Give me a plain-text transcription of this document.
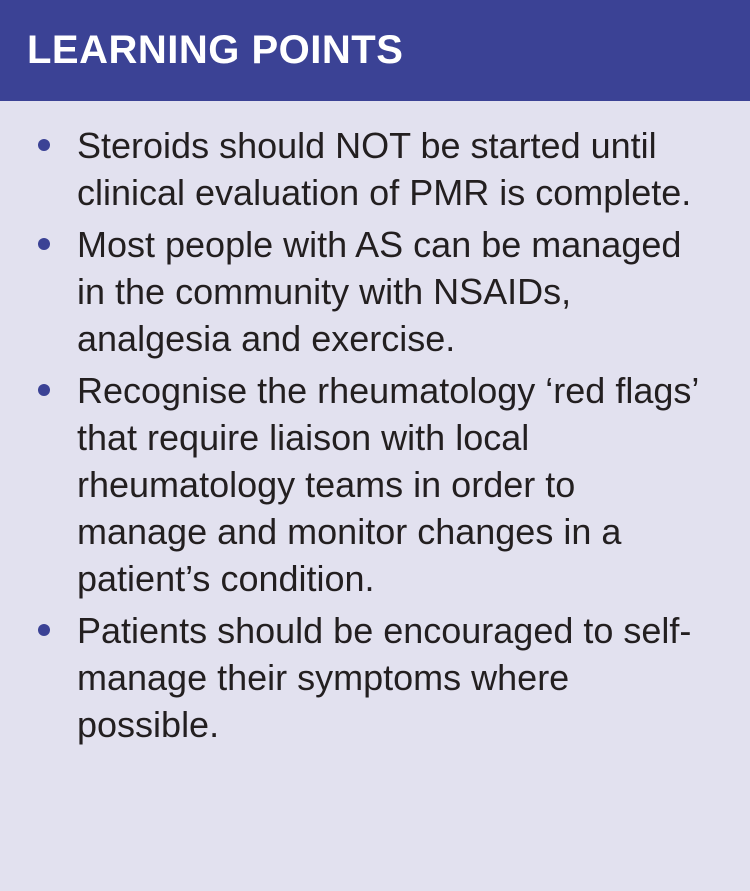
LEARNING POINTS
Steroids should NOT be started until clinical evaluation of PMR is complete.
Most people with AS can be managed in the community with NSAIDs, analgesia and exercise.
Recognise the rheumatology ‘red flags’ that require liaison with local rheumatology teams in order to manage and monitor changes in a patient’s condition.
Patients should be encouraged to self-manage their symptoms where possible.
